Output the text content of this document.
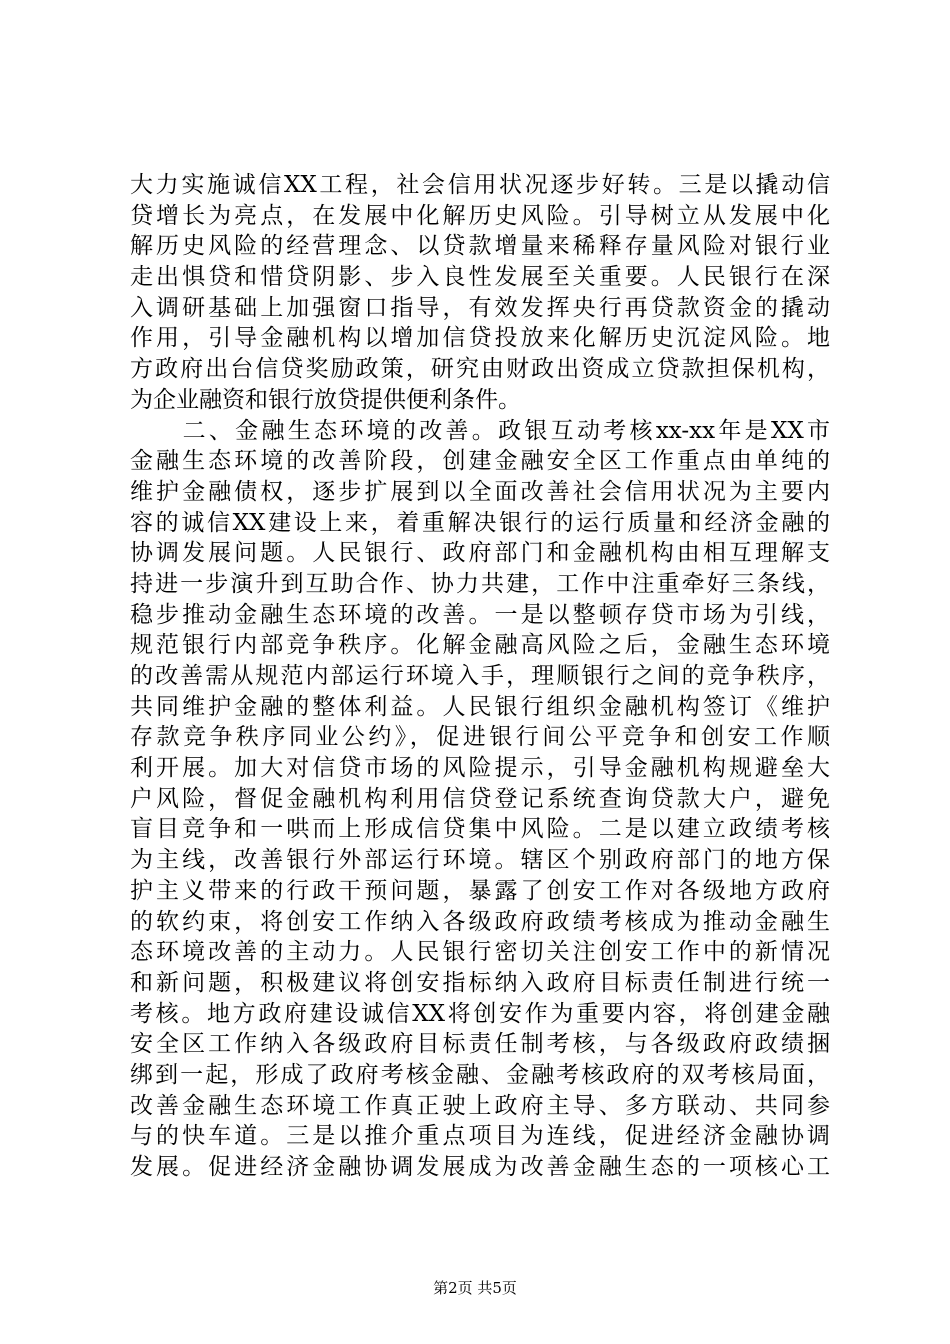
大力实施诚信XX工程，社会信用状况逐步好转。三是以撬动信
贷增长为亮点，在发展中化解历史风险。引导树立从发展中化
解历史风险的经营理念、以贷款增量来稀释存量风险对银行业
走出惧贷和惜贷阴影、步入良性发展至关重要。人民银行在深
入调研基础上加强窗口指导，有效发挥央行再贷款资金的撬动
作用，引导金融机构以增加信贷投放来化解历史沉淀风险。地
方政府出台信贷奖励政策，研究由财政出资成立贷款担保机构，
为企业融资和银行放贷提供便利条件。
　　二、金融生态环境的改善。政银互动考核xx-xx年是XX市
金融生态环境的改善阶段，创建金融安全区工作重点由单纯的
维护金融债权，逐步扩展到以全面改善社会信用状况为主要内
容的诚信XX建设上来，着重解决银行的运行质量和经济金融的
协调发展问题。人民银行、政府部门和金融机构由相互理解支
持进一步演升到互助合作、协力共建，工作中注重牵好三条线，
稳步推动金融生态环境的改善。一是以整顿存贷市场为引线，
规范银行内部竞争秩序。化解金融高风险之后，金融生态环境
的改善需从规范内部运行环境入手，理顺银行之间的竞争秩序，
共同维护金融的整体利益。人民银行组织金融机构签订《维护
存款竞争秩序同业公约》，促进银行间公平竞争和创安工作顺
利开展。加大对信贷市场的风险提示，引导金融机构规避垒大
户风险，督促金融机构利用信贷登记系统查询贷款大户，避免
盲目竞争和一哄而上形成信贷集中风险。二是以建立政绩考核
为主线，改善银行外部运行环境。辖区个别政府部门的地方保
护主义带来的行政干预问题，暴露了创安工作对各级地方政府
的软约束，将创安工作纳入各级政府政绩考核成为推动金融生
态环境改善的主动力。人民银行密切关注创安工作中的新情况
和新问题，积极建议将创安指标纳入政府目标责任制进行统一
考核。地方政府建设诚信XX将创安作为重要内容，将创建金融
安全区工作纳入各级政府目标责任制考核，与各级政府政绩捆
绑到一起，形成了政府考核金融、金融考核政府的双考核局面，
改善金融生态环境工作真正驶上政府主导、多方联动、共同参
与的快车道。三是以推介重点项目为连线，促进经济金融协调
发展。促进经济金融协调发展成为改善金融生态的一项核心工
第2页 共5页
